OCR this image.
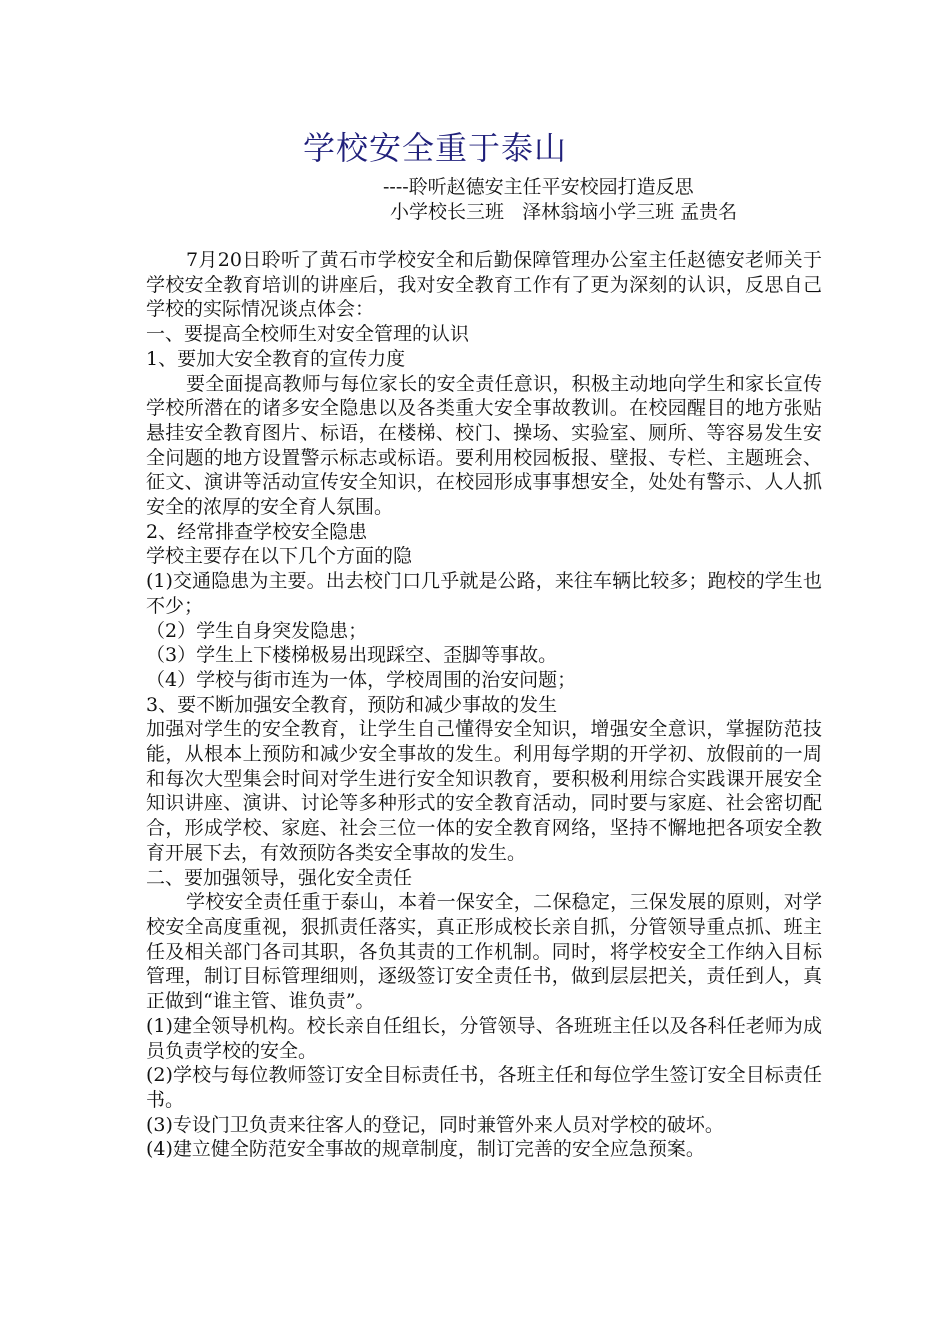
学校安全重于泰山
----聆听赵德安主任平安校园打造反思
小学校长三班   泽林翁垴小学三班 孟贵名

7月20日聆听了黄石市学校安全和后勤保障管理办公室主任赵德安老师关于学校安全教育培训的讲座后，我对安全教育工作有了更为深刻的认识，反思自己学校的实际情况谈点体会：

一、要提高全校师生对安全管理的认识

1、要加大安全教育的宣传力度

要全面提高教师与每位家长的安全责任意识，积极主动地向学生和家长宣传学校所潜在的诸多安全隐患以及各类重大安全事故教训。在校园醒目的地方张贴悬挂安全教育图片、标语，在楼梯、校门、操场、实验室、厕所、等容易发生安全问题的地方设置警示标志或标语。要利用校园板报、壁报、专栏、主题班会、征文、演讲等活动宣传安全知识，在校园形成事事想安全，处处有警示、人人抓安全的浓厚的安全育人氛围。

2、经常排查学校安全隐患

学校主要存在以下几个方面的隐

(1)交通隐患为主要。出去校门口几乎就是公路，来往车辆比较多；跑校的学生也不少；

（2）学生自身突发隐患；

（3）学生上下楼梯极易出现踩空、歪脚等事故。

（4）学校与街市连为一体，学校周围的治安问题；

3、要不断加强安全教育，预防和减少事故的发生

加强对学生的安全教育，让学生自己懂得安全知识，增强安全意识，掌握防范技能，从根本上预防和减少安全事故的发生。利用每学期的开学初、放假前的一周和每次大型集会时间对学生进行安全知识教育，要积极利用综合实践课开展安全知识讲座、演讲、讨论等多种形式的安全教育活动，同时要与家庭、社会密切配合，形成学校、家庭、社会三位一体的安全教育网络，坚持不懈地把各项安全教育开展下去，有效预防各类安全事故的发生。

二、要加强领导，强化安全责任

学校安全责任重于泰山，本着一保安全，二保稳定，三保发展的原则，对学校安全高度重视，狠抓责任落实，真正形成校长亲自抓，分管领导重点抓、班主任及相关部门各司其职，各负其责的工作机制。同时，将学校安全工作纳入目标管理，制订目标管理细则，逐级签订安全责任书，做到层层把关，责任到人，真正做到“谁主管、谁负责”。

(1)建全领导机构。校长亲自任组长，分管领导、各班班主任以及各科任老师为成员负责学校的安全。

(2)学校与每位教师签订安全目标责任书，各班主任和每位学生签订安全目标责任书。

(3)专设门卫负责来往客人的登记，同时兼管外来人员对学校的破坏。

(4)建立健全防范安全事故的规章制度，制订完善的安全应急预案。
